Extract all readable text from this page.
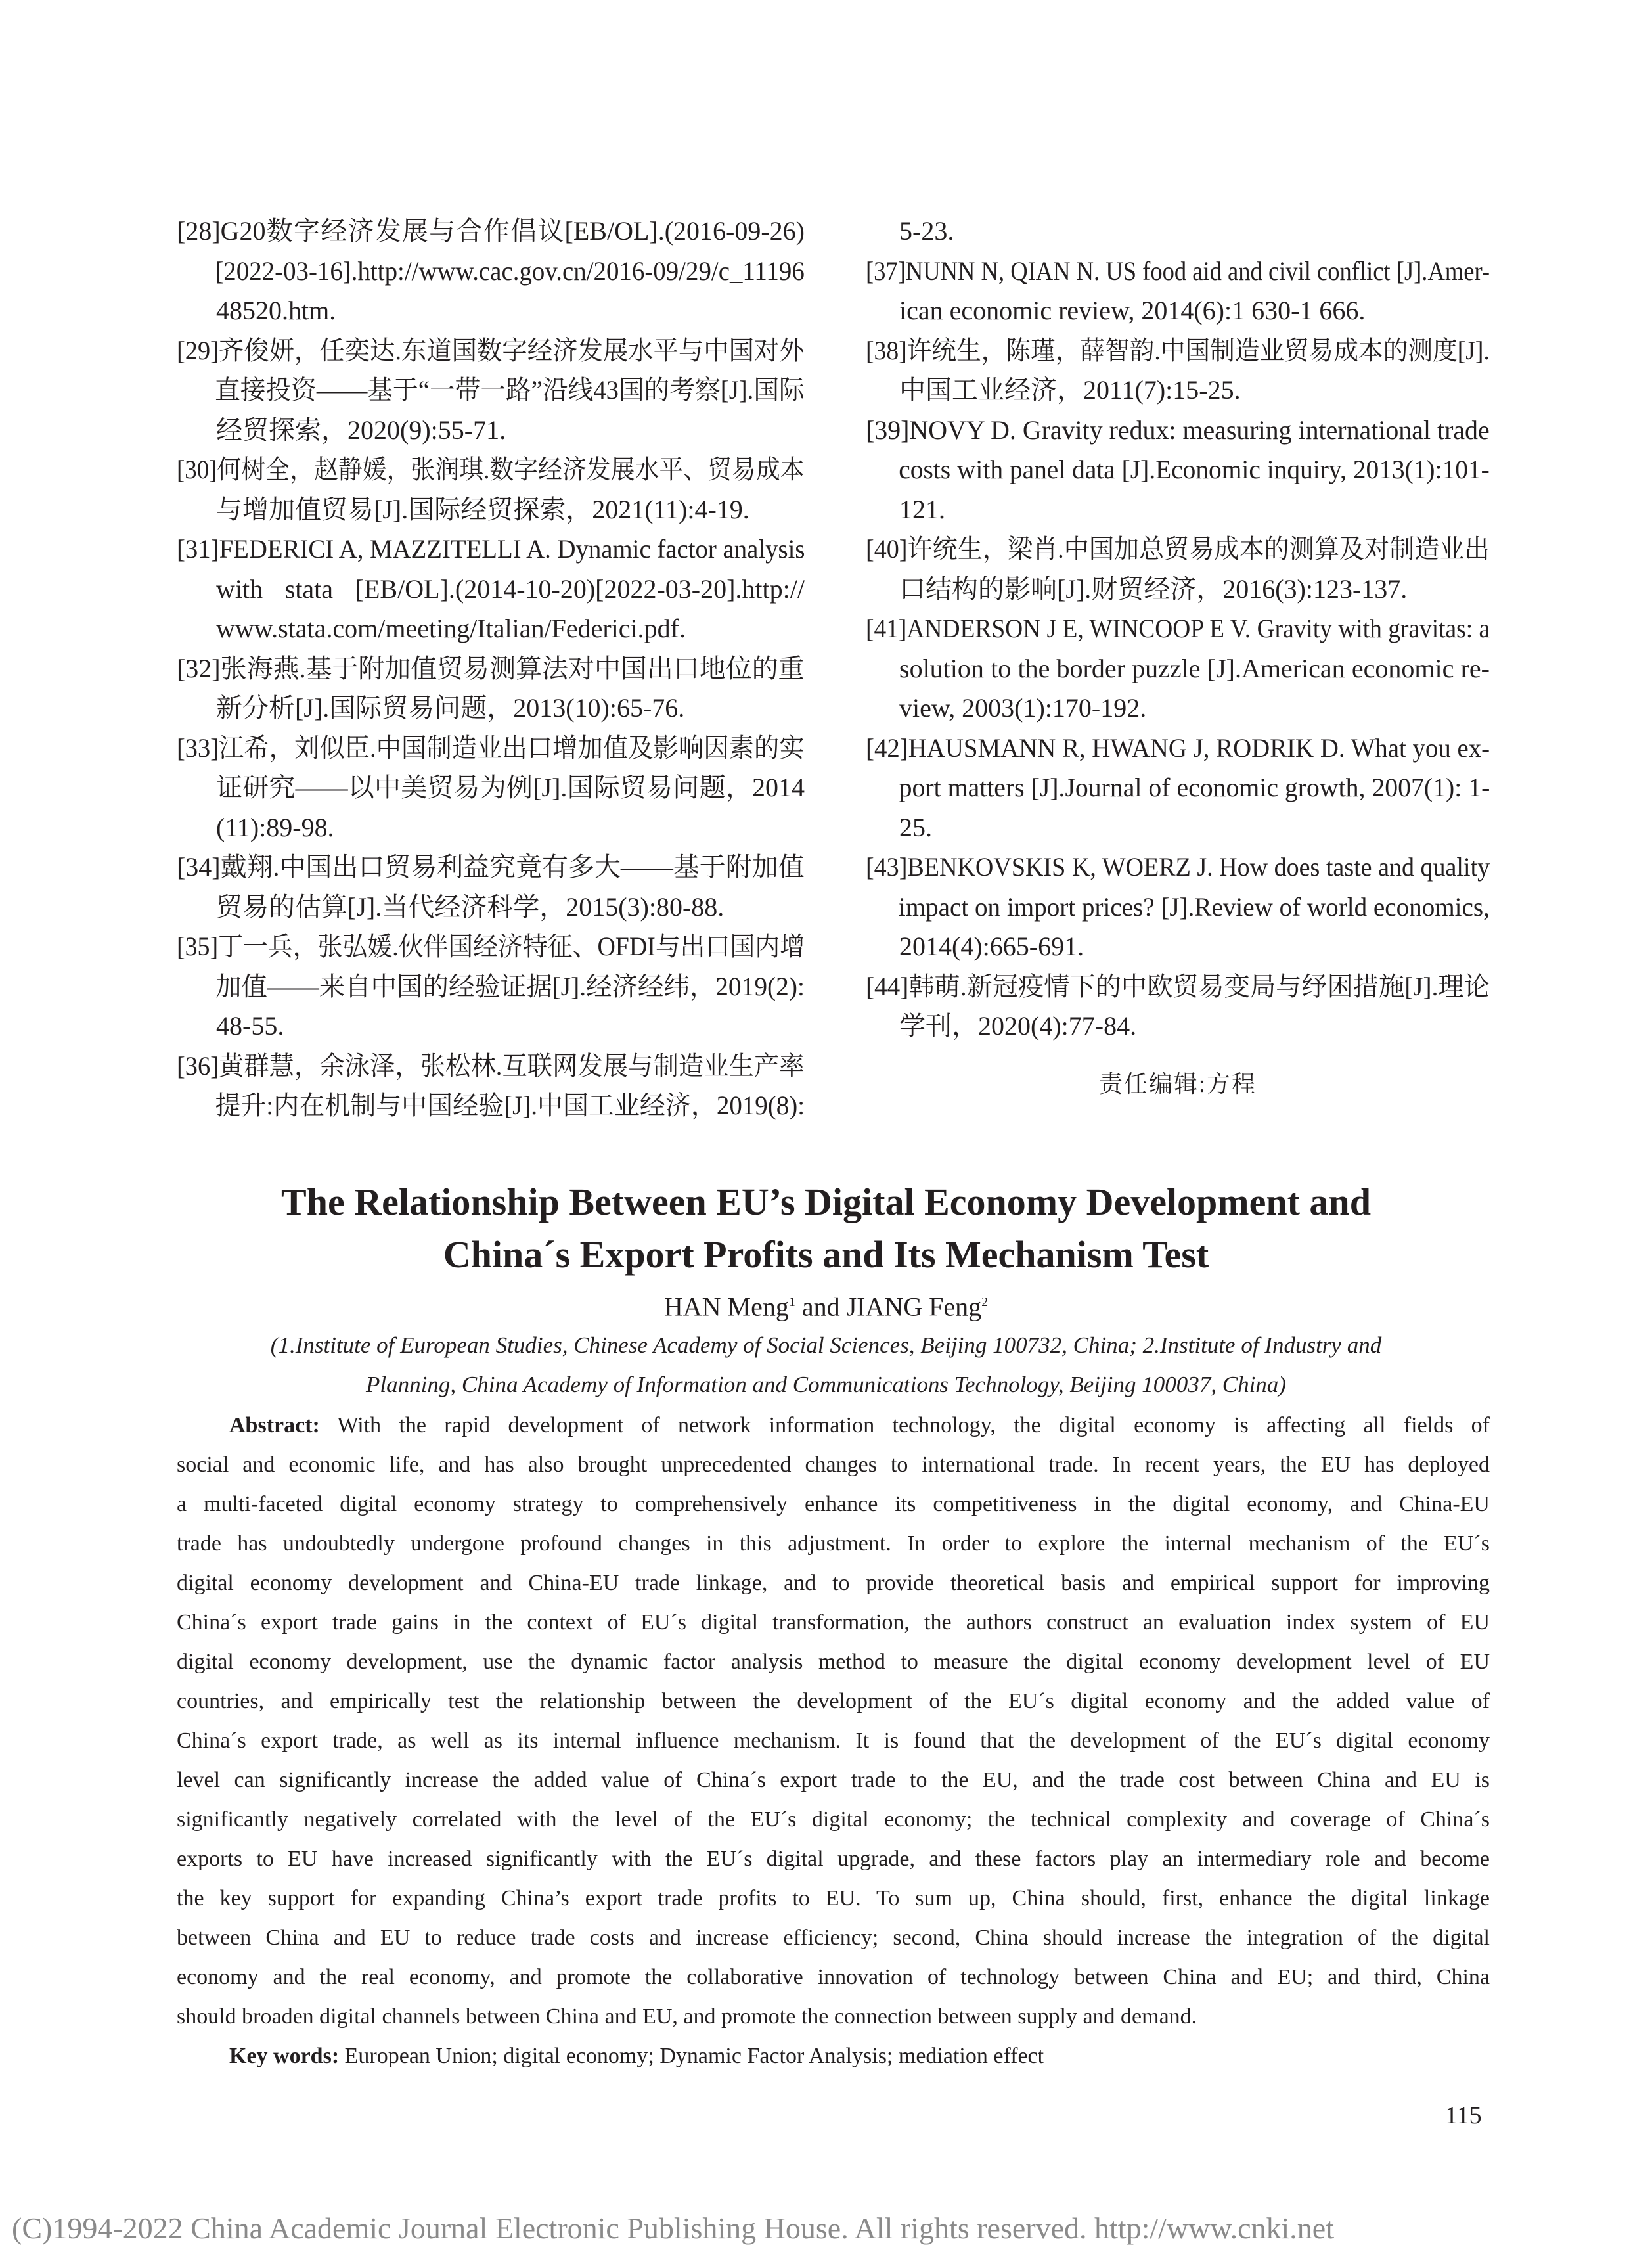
[28]G20数字经济发展与合作倡议[EB/OL].(2016-09-26)
[2022-03-16].http://www.cac.gov.cn/2016-09/29/c_11196
48520.htm.
[29]齐俊妍，任奕达.东道国数字经济发展水平与中国对外
直接投资——基于“一带一路”沿线43国的考察[J].国际
经贸探索，2020(9):55-71.
[30]何树全，赵静媛，张润琪.数字经济发展水平、贸易成本
与增加值贸易[J].国际经贸探索，2021(11):4-19.
[31]FEDERICI A, MAZZITELLI A. Dynamic factor analysis
with stata [EB/OL].(2014-10-20)[2022-03-20].http://
www.stata.com/meeting/Italian/Federici.pdf.
[32]张海燕.基于附加值贸易测算法对中国出口地位的重
新分析[J].国际贸易问题，2013(10):65-76.
[33]江希，刘似臣.中国制造业出口增加值及影响因素的实
证研究——以中美贸易为例[J].国际贸易问题，2014
(11):89-98.
[34]戴翔.中国出口贸易利益究竟有多大——基于附加值
贸易的估算[J].当代经济科学，2015(3):80-88.
[35]丁一兵，张弘媛.伙伴国经济特征、OFDI与出口国内增
加值——来自中国的经验证据[J].经济经纬，2019(2):
48-55.
[36]黄群慧，余泳泽，张松林.互联网发展与制造业生产率
提升:内在机制与中国经验[J].中国工业经济，2019(8):
5-23.
[37]NUNN N, QIAN N. US food aid and civil conflict [J].Amer-
ican economic review, 2014(6):1 630-1 666.
[38]许统生，陈瑾，薛智韵.中国制造业贸易成本的测度[J].
中国工业经济，2011(7):15-25.
[39]NOVY D. Gravity redux: measuring international trade
costs with panel data [J].Economic inquiry, 2013(1):101-
121.
[40]许统生，梁肖.中国加总贸易成本的测算及对制造业出
口结构的影响[J].财贸经济，2016(3):123-137.
[41]ANDERSON J E, WINCOOP E V. Gravity with gravitas: a
solution to the border puzzle [J].American economic re-
view, 2003(1):170-192.
[42]HAUSMANN R, HWANG J, RODRIK D. What you ex-
port matters [J].Journal of economic growth, 2007(1): 1-
25.
[43]BENKOVSKIS K, WOERZ J. How does taste and quality
impact on import prices? [J].Review of world economics,
2014(4):665-691.
[44]韩萌.新冠疫情下的中欧贸易变局与纾困措施[J].理论
学刊，2020(4):77-84.
责任编辑:方程
The Relationship Between EU’s Digital Economy Development and
China´s Export Profits and Its Mechanism Test
HAN Meng$^1$ and JIANG Feng$^2$
(1.Institute of European Studies, Chinese Academy of Social Sciences, Beijing 100732, China; 2.Institute of Industry and
Planning, China Academy of Information and Communications Technology, Beijing 100037, China)
Abstract: With the rapid development of network information technology, the digital economy is affecting all fields of
social and economic life, and has also brought unprecedented changes to international trade. In recent years, the EU has deployed
a multi-faceted digital economy strategy to comprehensively enhance its competitiveness in the digital economy, and China-EU
trade has undoubtedly undergone profound changes in this adjustment. In order to explore the internal mechanism of the EU´s
digital economy development and China-EU trade linkage, and to provide theoretical basis and empirical support for improving
China´s export trade gains in the context of EU´s digital transformation, the authors construct an evaluation index system of EU
digital economy development, use the dynamic factor analysis method to measure the digital economy development level of EU
countries, and empirically test the relationship between the development of the EU´s digital economy and the added value of
China´s export trade, as well as its internal influence mechanism. It is found that the development of the EU´s digital economy
level can significantly increase the added value of China´s export trade to the EU, and the trade cost between China and EU is
significantly negatively correlated with the level of the EU´s digital economy; the technical complexity and coverage of China´s
exports to EU have increased significantly with the EU´s digital upgrade, and these factors play an intermediary role and become
the key support for expanding China’s export trade profits to EU. To sum up, China should, first, enhance the digital linkage
between China and EU to reduce trade costs and increase efficiency; second, China should increase the integration of the digital
economy and the real economy, and promote the collaborative innovation of technology between China and EU; and third, China
should broaden digital channels between China and EU, and promote the connection between supply and demand.
Key words: European Union; digital economy; Dynamic Factor Analysis; mediation effect
115
(C)1994-2022 China Academic Journal Electronic Publishing House. All rights reserved. http://www.cnki.net
